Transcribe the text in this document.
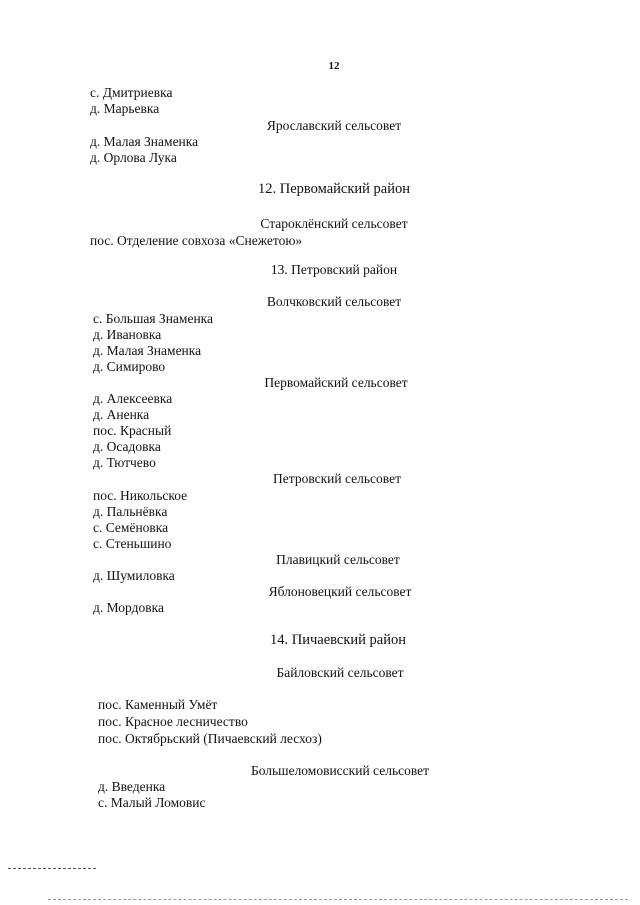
12
с. Дмитриевка
д. Марьевка
Ярославский сельсовет
д. Малая Знаменка
д. Орлова Лука
12. Первомайский район
Староклёнский сельсовет
пос. Отделение совхоза «Снежетою»
13. Петровский район
Волчковский сельсовет
с. Большая Знаменка
д. Ивановка
д. Малая Знаменка
д. Симирово
Первомайский сельсовет
д. Алексеевка
д. Аненка
пос. Красный
д. Осадовка
д. Тютчево
Петровский сельсовет
пос. Никольское
д. Пальнёвка
с. Семёновка
с. Стеньшино
Плавицкий сельсовет
д. Шумиловка
Яблоновецкий сельсовет
д. Мордовка
14. Пичаевский район
Байловский сельсовет
пос. Каменный Умёт
пос. Красное лесничество
пос. Октябрьский (Пичаевский лесхоз)
Большеломовисский сельсовет
д. Введенка
с. Малый Ломовис
